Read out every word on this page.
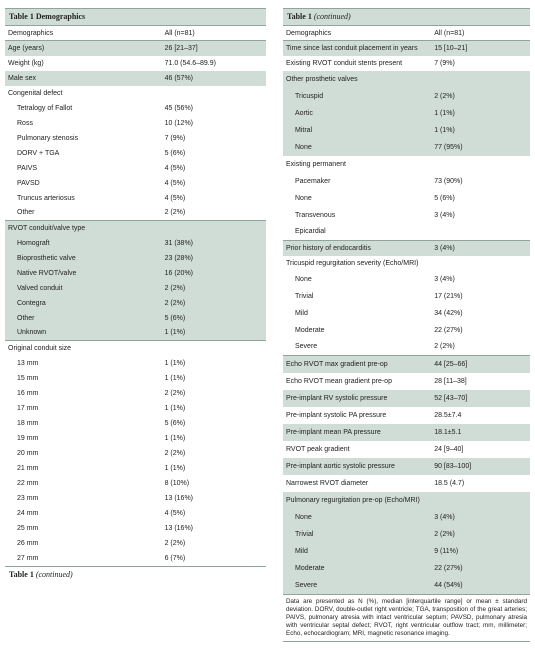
Table 1 Demographics
Demographics	All (n=81)
Age (years)	26 [21–37]
Weight (kg)	71.0 (54.6–89.9)
Male sex	46 (57%)
Congenital defect	
Tetralogy of Fallot	45 (56%)
Ross	10 (12%)
Pulmonary stenosis	7 (9%)
DORV + TGA	5 (6%)
PAIVS	4 (5%)
PAVSD	4 (5%)
Truncus arteriosus	4 (5%)
Other	2 (2%)
RVOT conduit/valve type	
Homograft	31 (38%)
Bioprosthetic valve	23 (28%)
Native RVOT/valve	16 (20%)
Valved conduit	2 (2%)
Contegra	2 (2%)
Other	5 (6%)
Unknown	1 (1%)
Original conduit size	
13 mm	1 (1%)
15 mm	1 (1%)
16 mm	2 (2%)
17 mm	1 (1%)
18 mm	5 (6%)
19 mm	1 (1%)
20 mm	2 (2%)
21 mm	1 (1%)
22 mm	8 (10%)
23 mm	13 (16%)
24 mm	4 (5%)
25 mm	13 (16%)
26 mm	2 (2%)
27 mm	6 (7%)
Table 1 (continued)
Table 1 (continued)
Demographics	All (n=81)
Time since last conduit placement in years	15 [10–21]
Existing RVOT conduit stents present	7 (9%)
Other prosthetic valves	
Tricuspid	2 (2%)
Aortic	1 (1%)
Mitral	1 (1%)
None	77 (95%)
Existing permanent	
Pacemaker	73 (90%)
None	5 (6%)
Transvenous	3 (4%)
Epicardial	
Prior history of endocarditis	3 (4%)
Tricuspid regurgitation severity (Echo/MRI)	
None	3 (4%)
Trivial	17 (21%)
Mild	34 (42%)
Moderate	22 (27%)
Severe	2 (2%)
Echo RVOT max gradient pre-op	44 [25–66]
Echo RVOT mean gradient pre-op	28 [11–38]
Pre-implant RV systolic pressure	52 [43–70]
Pre-implant systolic PA pressure	28.5±7.4
Pre-implant mean PA pressure	18.1±5.1
RVOT peak gradient	24 [9–40]
Pre-implant aortic systolic pressure	90 [83–100]
Narrowest RVOT diameter	18.5 (4.7)
Pulmonary regurgitation pre-op (Echo/MRI)	
None	3 (4%)
Trivial	2 (2%)
Mild	9 (11%)
Moderate	22 (27%)
Severe	44 (54%)
Data are presented as N (%), median [interquartile range] or mean ± standard deviation. DORV, double-outlet right ventricle; TGA, transposition of the great arteries; PAIVS, pulmonary atresia with intact ventricular septum; PAVSD, pulmonary atresia with ventricular septal defect; RVOT, right ventricular outflow tract; mm, millimeter; Echo, echocardiogram; MRI, magnetic resonance imaging.
